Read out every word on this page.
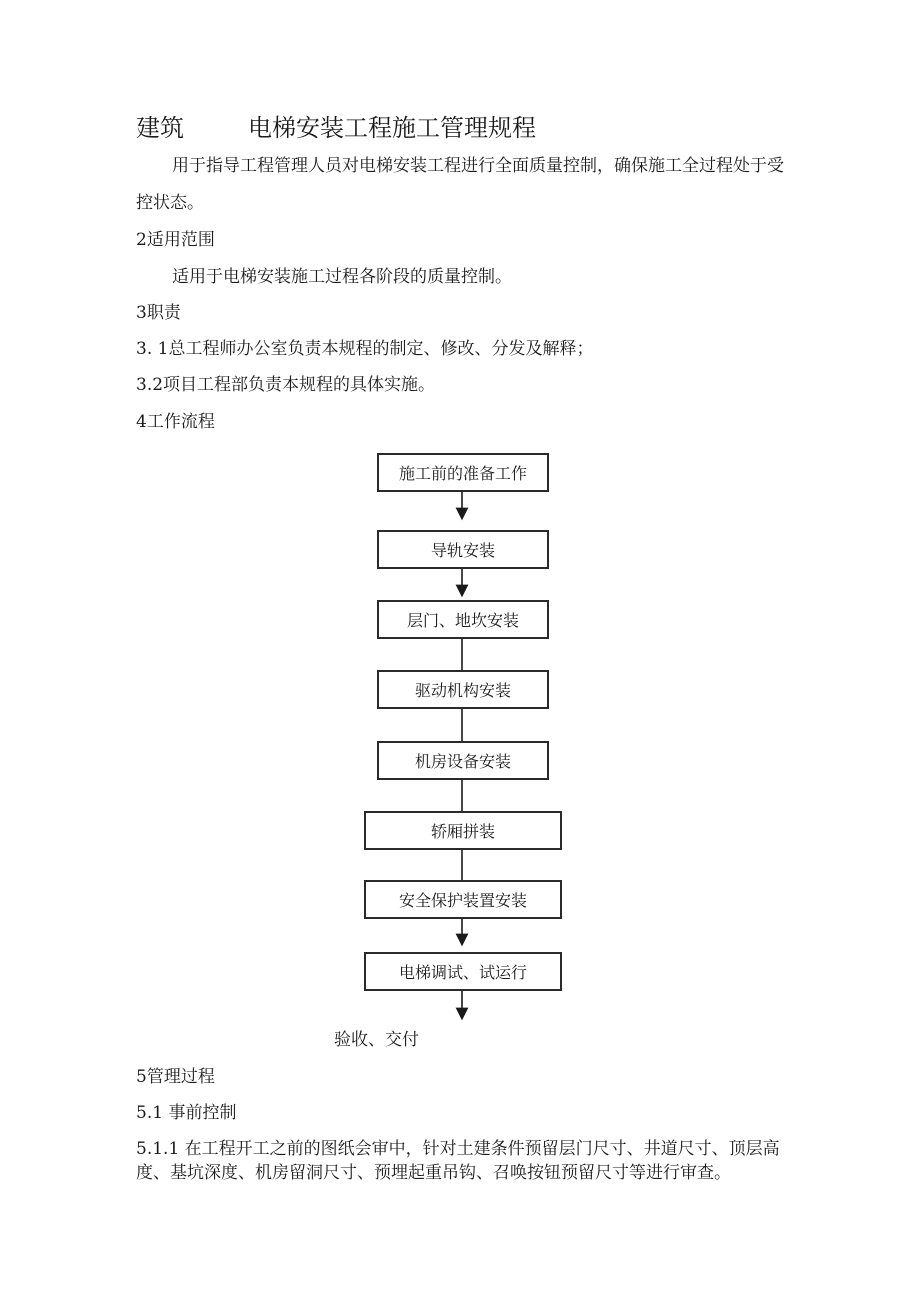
建筑	电梯安装工程施工管理规程
用于指导工程管理人员对电梯安装工程进行全面质量控制，确保施工全过程处于受
控状态。
2适用范围
适用于电梯安装施工过程各阶段的质量控制。
3职责
3. 1总工程师办公室负责本规程的制定、修改、分发及解释；
3.2项目工程部负责本规程的具体实施。
4工作流程
施工前的准备工作
导轨安装
层门、地坎安装
驱动机构安装
机房设备安装
轿厢拼装
安全保护装置安装
电梯调试、试运行
验收、交付
5管理过程
5.1 事前控制
5.1.1 在工程开工之前的图纸会审中，针对土建条件预留层门尺寸、井道尺寸、顶层高
度、基坑深度、机房留洞尺寸、预埋起重吊钩、召唤按钮预留尺寸等进行审查。
